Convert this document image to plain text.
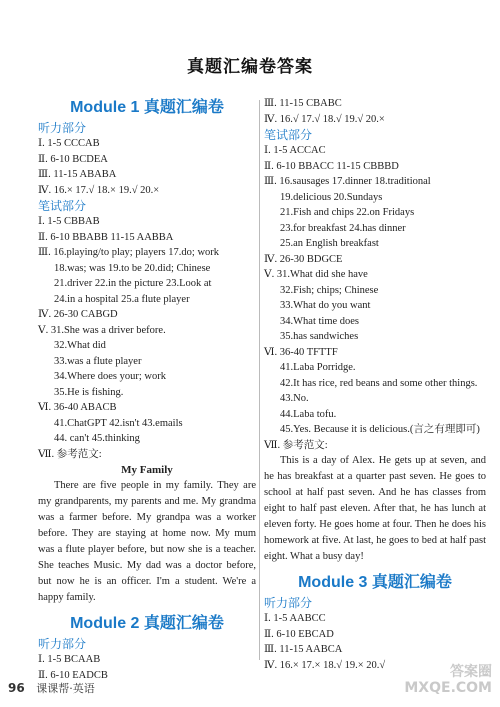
真题汇编卷答案
Module 1 真题汇编卷
听力部分
Ⅰ. 1-5 CCCAB
Ⅱ. 6-10 BCDEA
Ⅲ. 11-15 ABABA
Ⅳ. 16.× 17.√ 18.× 19.√ 20.×
笔试部分
Ⅰ. 1-5 CBBAB
Ⅱ. 6-10 BBABB 11-15 AABBA
Ⅲ. 16.playing/to play; players 17.do; work
18.was; was 19.to be 20.did; Chinese
21.driver 22.in the picture 23.Look at
24.in a hospital 25.a flute player
Ⅳ. 26-30 CABGD
Ⅴ. 31.She was a driver before.
32.What did
33.was a flute player
34.Where does your; work
35.He is fishing.
Ⅵ. 36-40 ABACB
41.ChatGPT 42.isn't 43.emails
44. can't 45.thinking
Ⅶ. 参考范文:
My Family

There are five people in my family. They are my grandparents, my parents and me. My grandma was a farmer before. My grandpa was a worker before. They are staying at home now. My mum was a flute player before, but now she is a teacher. She teaches Music. My dad was a doctor before, but now he is an officer. I'm a student. We're a happy family.

Module 2 真题汇编卷
听力部分
Ⅰ. 1-5 BCAAB
Ⅱ. 6-10 EADCB
Ⅲ. 11-15 CBABC
Ⅳ. 16.√ 17.√ 18.√ 19.√ 20.×
笔试部分
Ⅰ. 1-5 ACCAC
Ⅱ. 6-10 BBACC 11-15 CBBBD
Ⅲ. 16.sausages 17.dinner 18.traditional
19.delicious 20.Sundays
21.Fish and chips 22.on Fridays
23.for breakfast 24.has dinner
25.an English breakfast
Ⅳ. 26-30 BDGCE
Ⅴ. 31.What did she have
32.Fish; chips; Chinese
33.What do you want
34.What time does
35.has sandwiches
Ⅵ. 36-40 TFTTF
41.Laba Porridge.
42.It has rice, red beans and some other things.
43.No.
44.Laba tofu.
45.Yes. Because it is delicious.(言之有理即可)
Ⅶ. 参考范文:

This is a day of Alex. He gets up at seven, and he has breakfast at a quarter past seven. He goes to school at half past seven. And he has classes from eight to half past eleven. After that, he has lunch at eleven forty. He goes home at four. Then he does his homework at five. At last, he goes to bed at half past eight. What a busy day!

Module 3 真题汇编卷
听力部分
Ⅰ. 1-5 AABCC
Ⅱ. 6-10 EBCAD
Ⅲ. 11-15 AABCA
Ⅳ. 16.× 17.× 18.√ 19.× 20.√
96 课课帮·英语
答案圈
MXQE.COM
